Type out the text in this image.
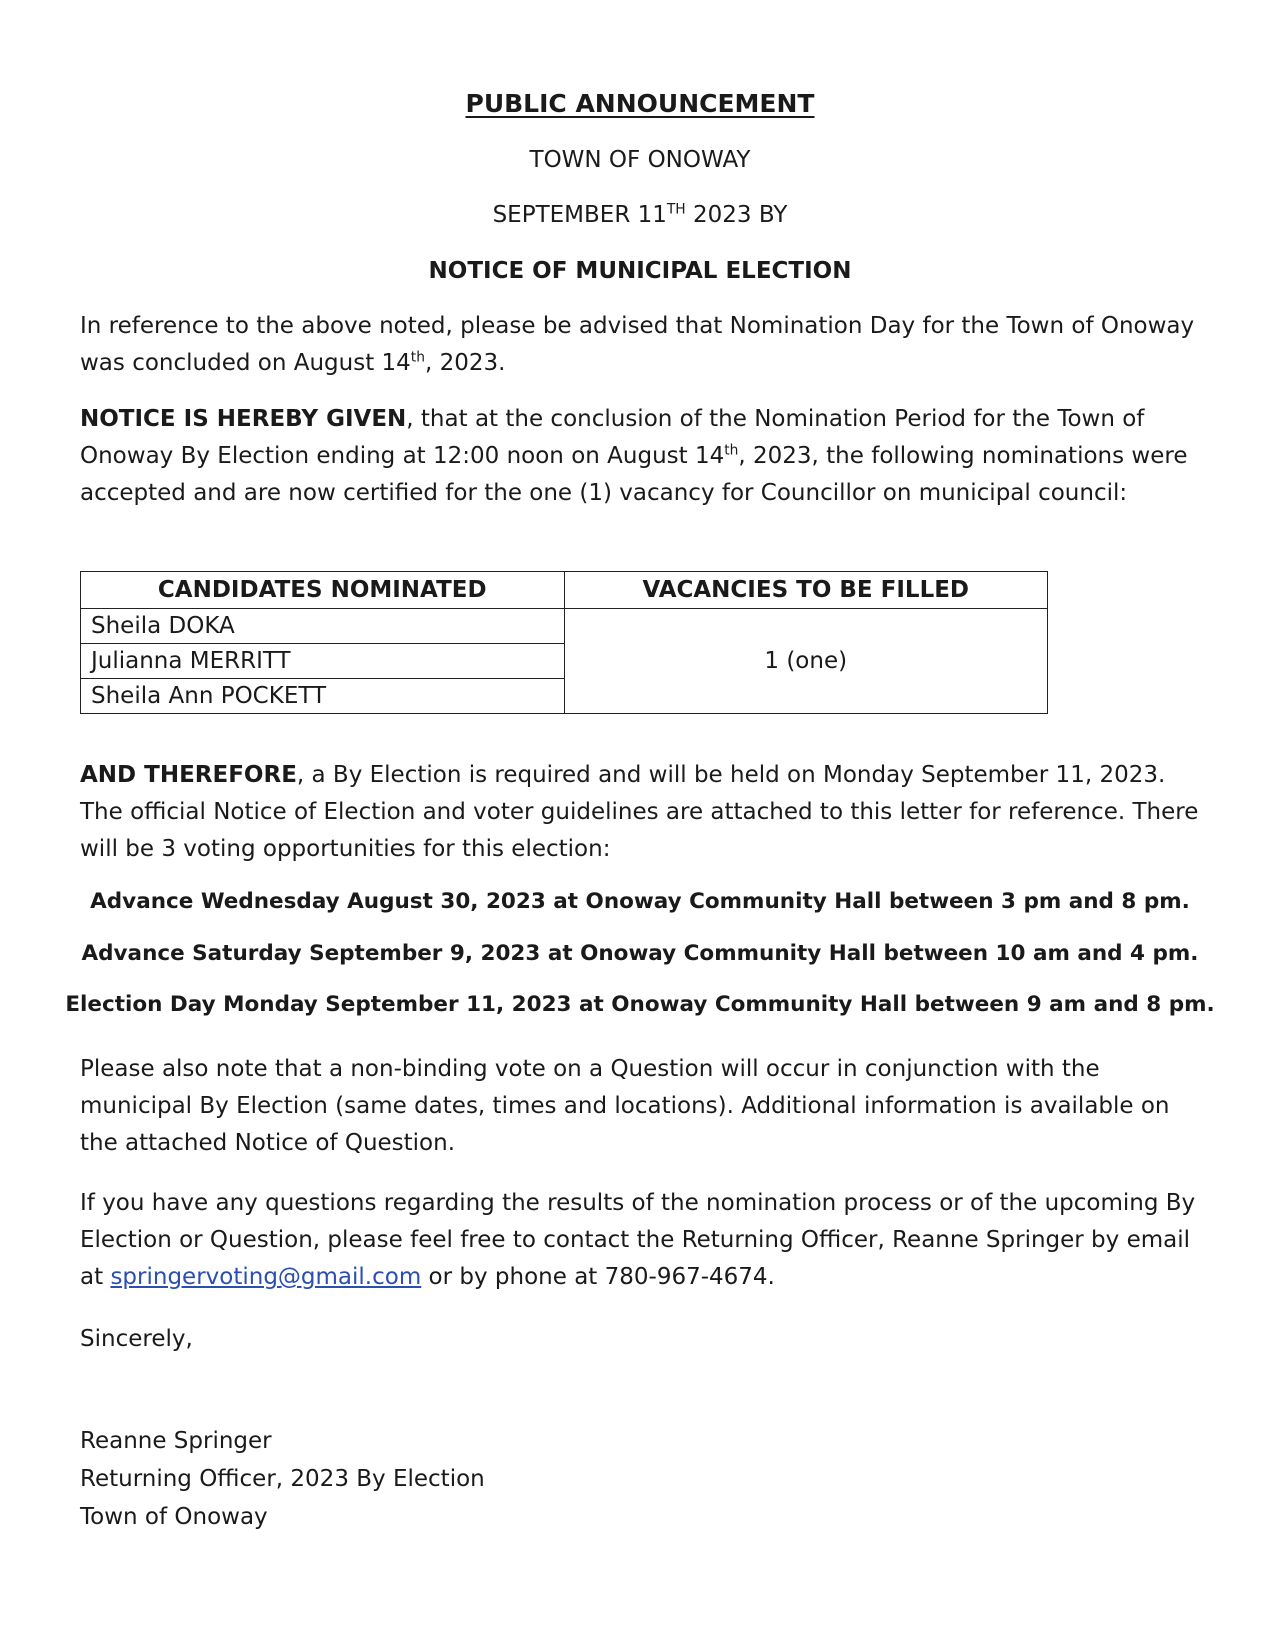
PUBLIC ANNOUNCEMENT

TOWN OF ONOWAY

SEPTEMBER 11TH 2023 BY

NOTICE OF MUNICIPAL ELECTION

In reference to the above noted, please be advised that Nomination Day for the Town of Onoway was concluded on August 14th, 2023.

NOTICE IS HEREBY GIVEN, that at the conclusion of the Nomination Period for the Town of Onoway By Election ending at 12:00 noon on August 14th, 2023, the following nominations were accepted and are now certified for the one (1) vacancy for Councillor on municipal council:

CANDIDATES NOMINATED	VACANCIES TO BE FILLED
Sheila DOKA	1 (one)
Julianna MERRITT	
Sheila Ann POCKETT	

AND THEREFORE, a By Election is required and will be held on Monday September 11, 2023. The official Notice of Election and voter guidelines are attached to this letter for reference. There will be 3 voting opportunities for this election:

Advance Wednesday August 30, 2023 at Onoway Community Hall between 3 pm and 8 pm.

Advance Saturday September 9, 2023 at Onoway Community Hall between 10 am and 4 pm.

Election Day Monday September 11, 2023 at Onoway Community Hall between 9 am and 8 pm.

Please also note that a non-binding vote on a Question will occur in conjunction with the municipal By Election (same dates, times and locations). Additional information is available on the attached Notice of Question.

If you have any questions regarding the results of the nomination process or of the upcoming By Election or Question, please feel free to contact the Returning Officer, Reanne Springer by email at springervoting@gmail.com or by phone at 780-967-4674.

Sincerely,

Reanne Springer
Returning Officer, 2023 By Election
Town of Onoway
